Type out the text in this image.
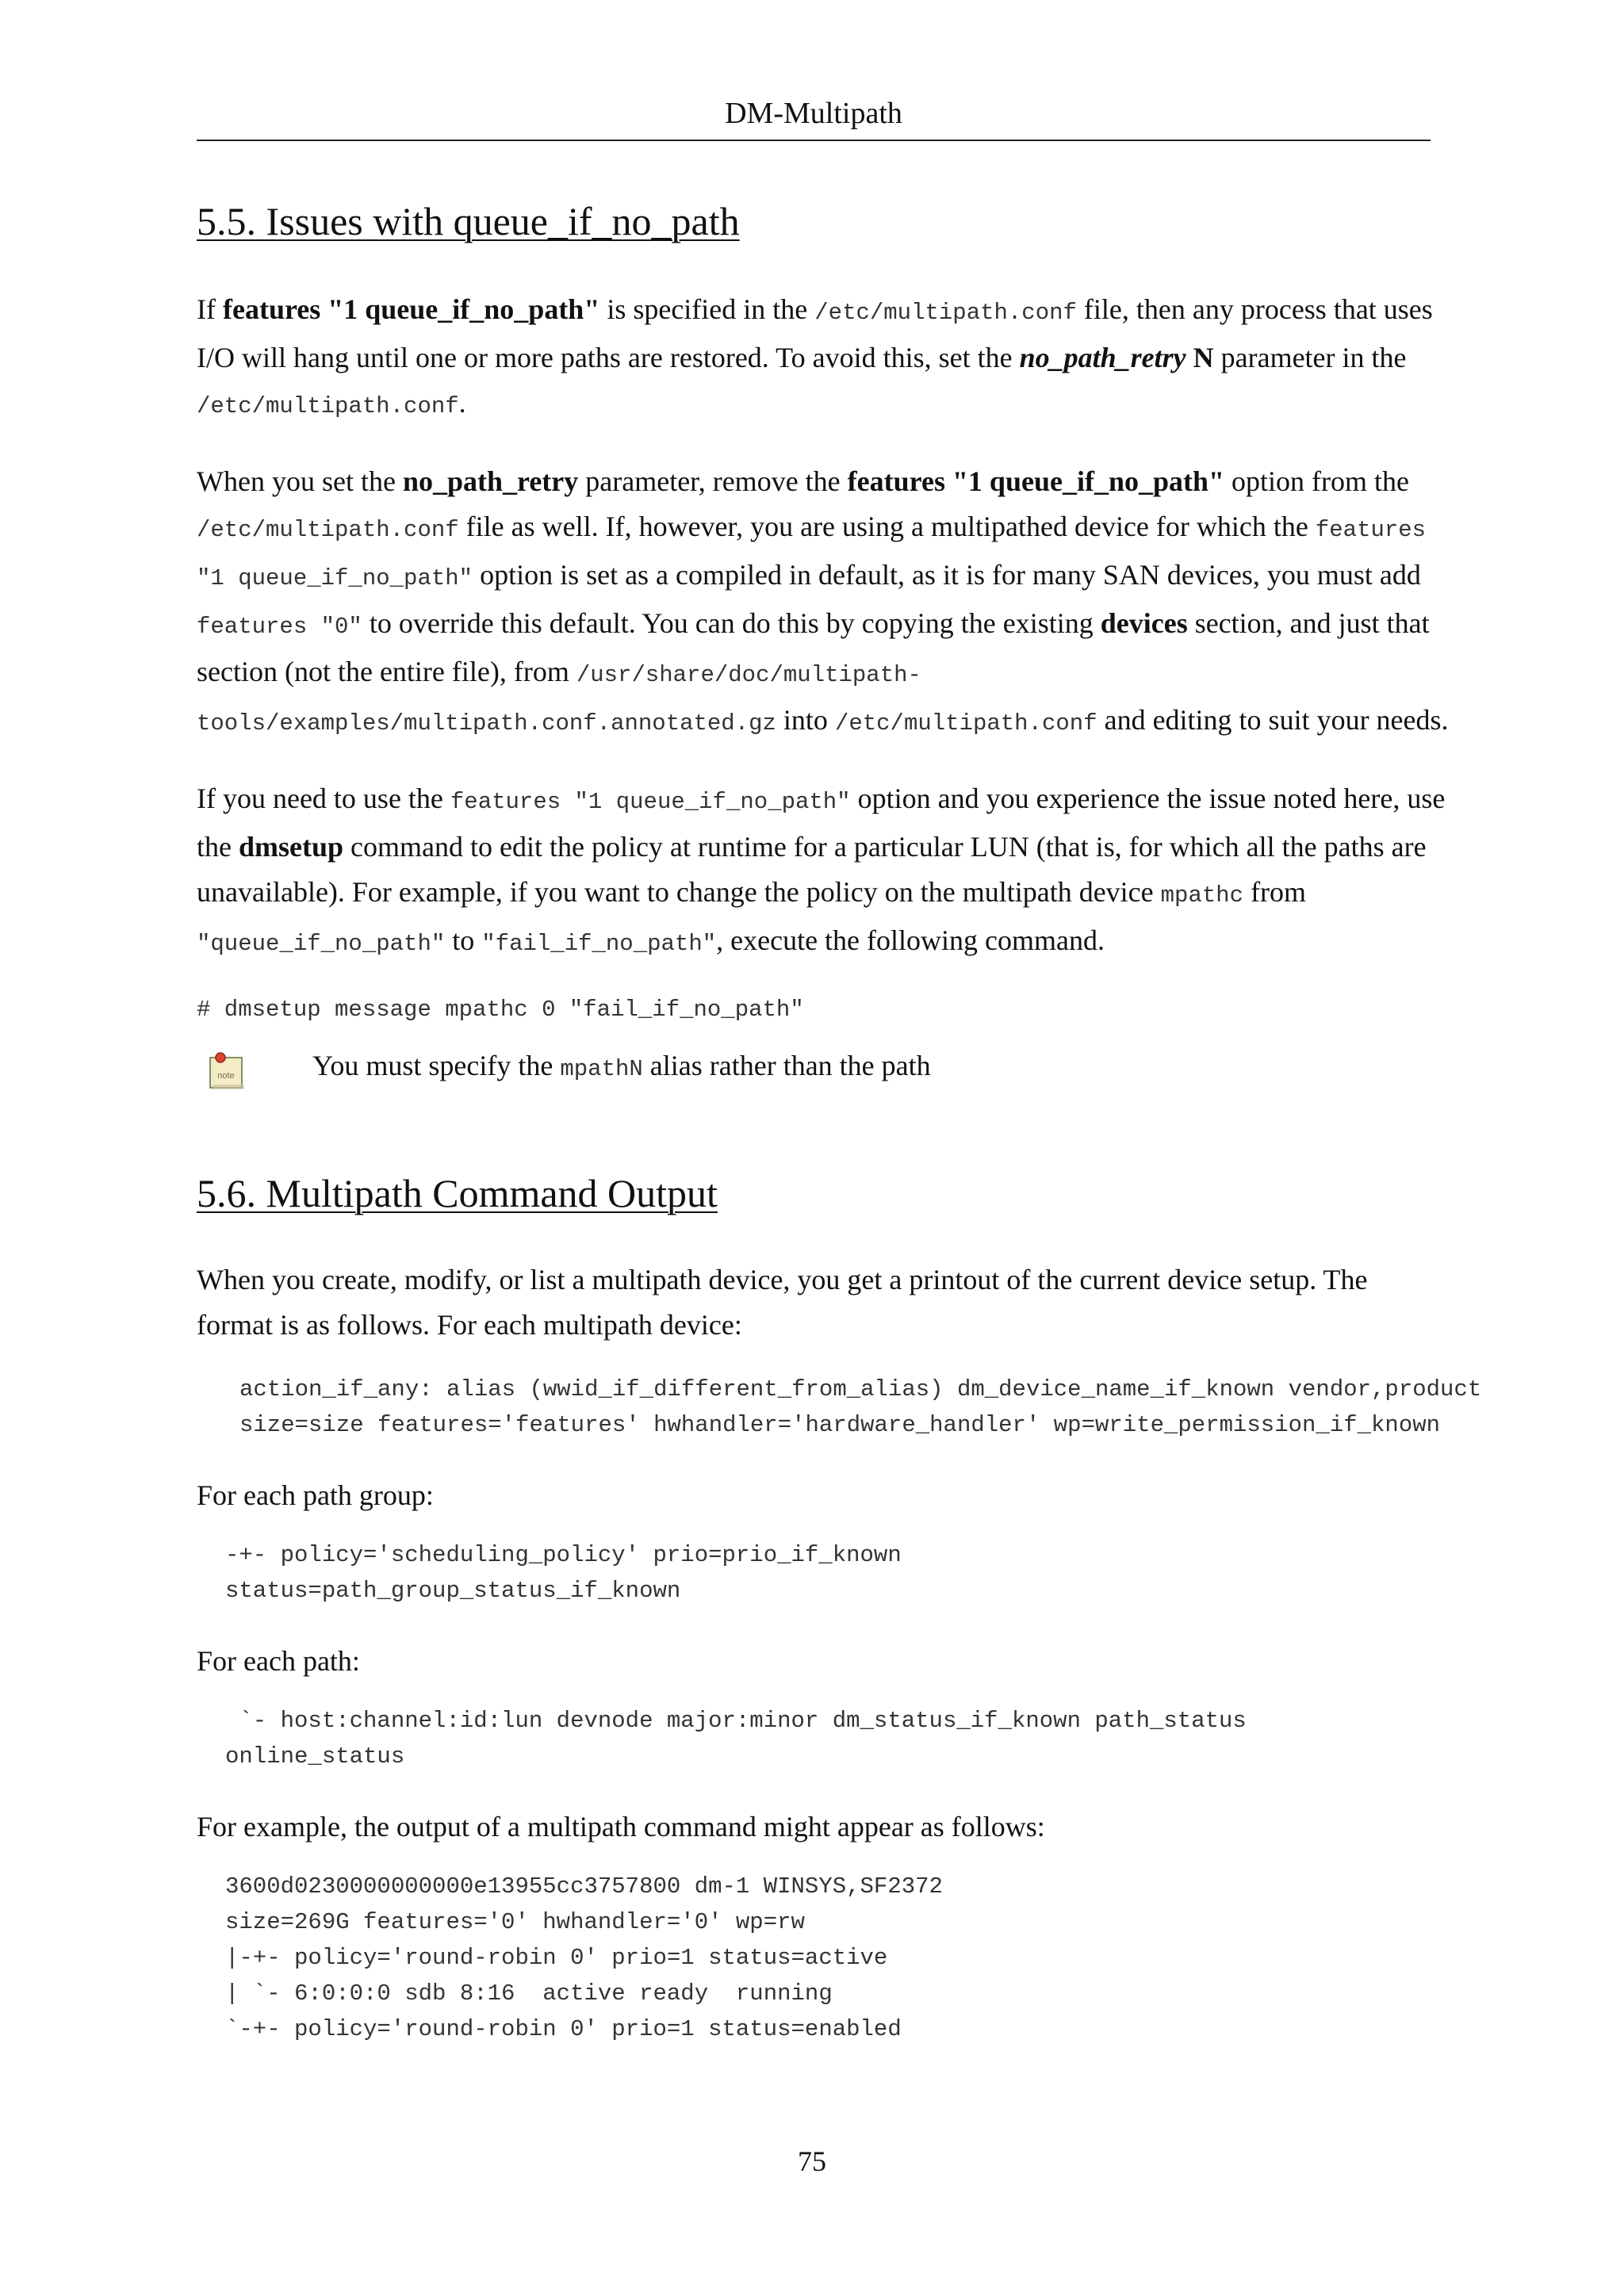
DM-Multipath
5.5. Issues with queue_if_no_path

If features "1 queue_if_no_path" is specified in the /etc/multipath.conf file, then any process that uses I/O will hang until one or more paths are restored. To avoid this, set the no_path_retry N parameter in the /etc/multipath.conf.

When you set the no_path_retry parameter, remove the features "1 queue_if_no_path" option from the /etc/multipath.conf file as well. If, however, you are using a multipathed device for which the features "1 queue_if_no_path" option is set as a compiled in default, as it is for many SAN devices, you must add features "0" to override this default. You can do this by copying the existing devices section, and just that section (not the entire file), from /usr/share/doc/multipath-tools/examples/multipath.conf.annotated.gz into /etc/multipath.conf and editing to suit your needs.

If you need to use the features "1 queue_if_no_path" option and you experience the issue noted here, use the dmsetup command to edit the policy at runtime for a particular LUN (that is, for which all the paths are unavailable). For example, if you want to change the policy on the multipath device mpathc from "queue_if_no_path" to "fail_if_no_path", execute the following command.

# dmsetup message mpathc 0 "fail_if_no_path"
note	You must specify the mpathN alias rather than the path
5.6. Multipath Command Output

When you create, modify, or list a multipath device, you get a printout of the current device setup. The format is as follows. For each multipath device:

action_if_any: alias (wwid_if_different_from_alias) dm_device_name_if_known vendor,product
size=size features='features' hwhandler='hardware_handler' wp=write_permission_if_known

For each path group:

-+- policy='scheduling_policy' prio=prio_if_known
status=path_group_status_if_known

For each path:

`- host:channel:id:lun devnode major:minor dm_status_if_known path_status
online_status

For example, the output of a multipath command might appear as follows:

3600d0230000000000e13955cc3757800 dm-1 WINSYS,SF2372
size=269G features='0' hwhandler='0' wp=rw
|-+- policy='round-robin 0' prio=1 status=active
| `- 6:0:0:0 sdb 8:16  active ready  running
`-+- policy='round-robin 0' prio=1 status=enabled
75
